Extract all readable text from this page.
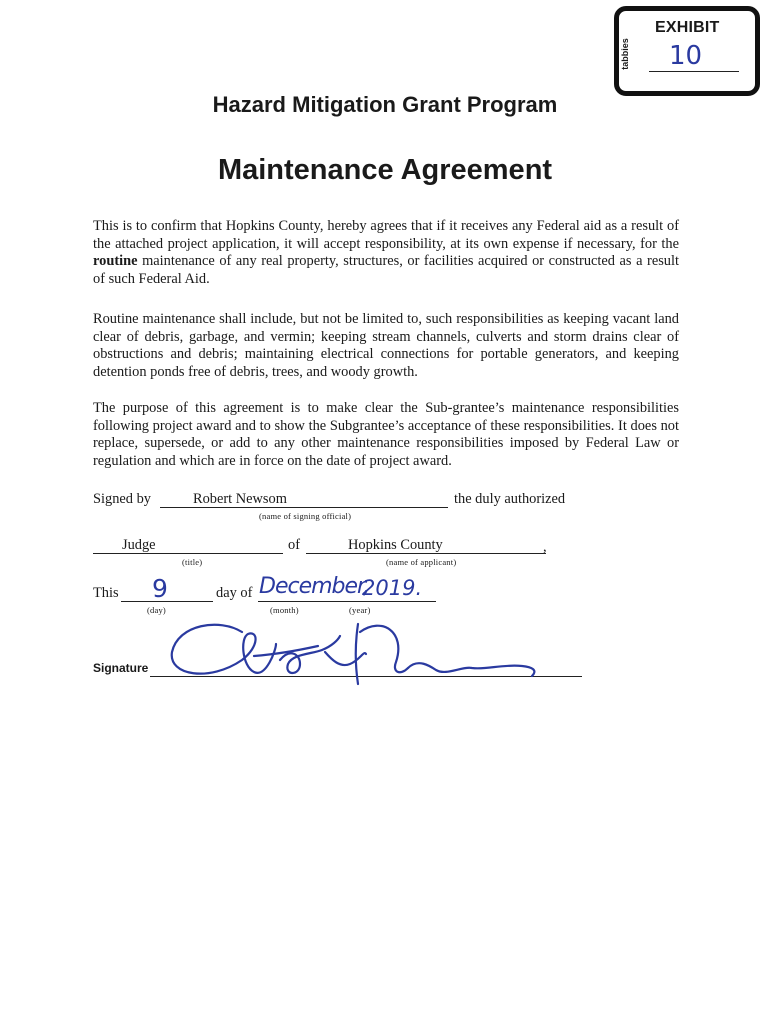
EXHIBIT
tabbies 10
Hazard Mitigation Grant Program
Maintenance Agreement
This is to confirm that Hopkins County, hereby agrees that if it receives any Federal aid as a result of the attached project application, it will accept responsibility, at its own expense if necessary, for the routine maintenance of any real property, structures, or facilities acquired or constructed as a result of such Federal Aid.
Routine maintenance shall include, but not be limited to, such responsibilities as keeping vacant land clear of debris, garbage, and vermin; keeping stream channels, culverts and storm drains clear of obstructions and debris; maintaining electrical connections for portable generators, and keeping detention ponds free of debris, trees, and woody growth.
The purpose of this agreement is to make clear the Sub-grantee’s maintenance responsibilities following project award and to show the Subgrantee’s acceptance of these responsibilities. It does not replace, supersede, or add to any other maintenance responsibilities imposed by Federal Law or regulation and which are in force on the date of project award.
Signed by	Robert Newsom	the duly authorized
(name of signing official)
Judge
(title)
of	Hopkins County	,
(name of applicant)
This 9
(day)
day of December,
2019.
(month)	(year)
Signature
